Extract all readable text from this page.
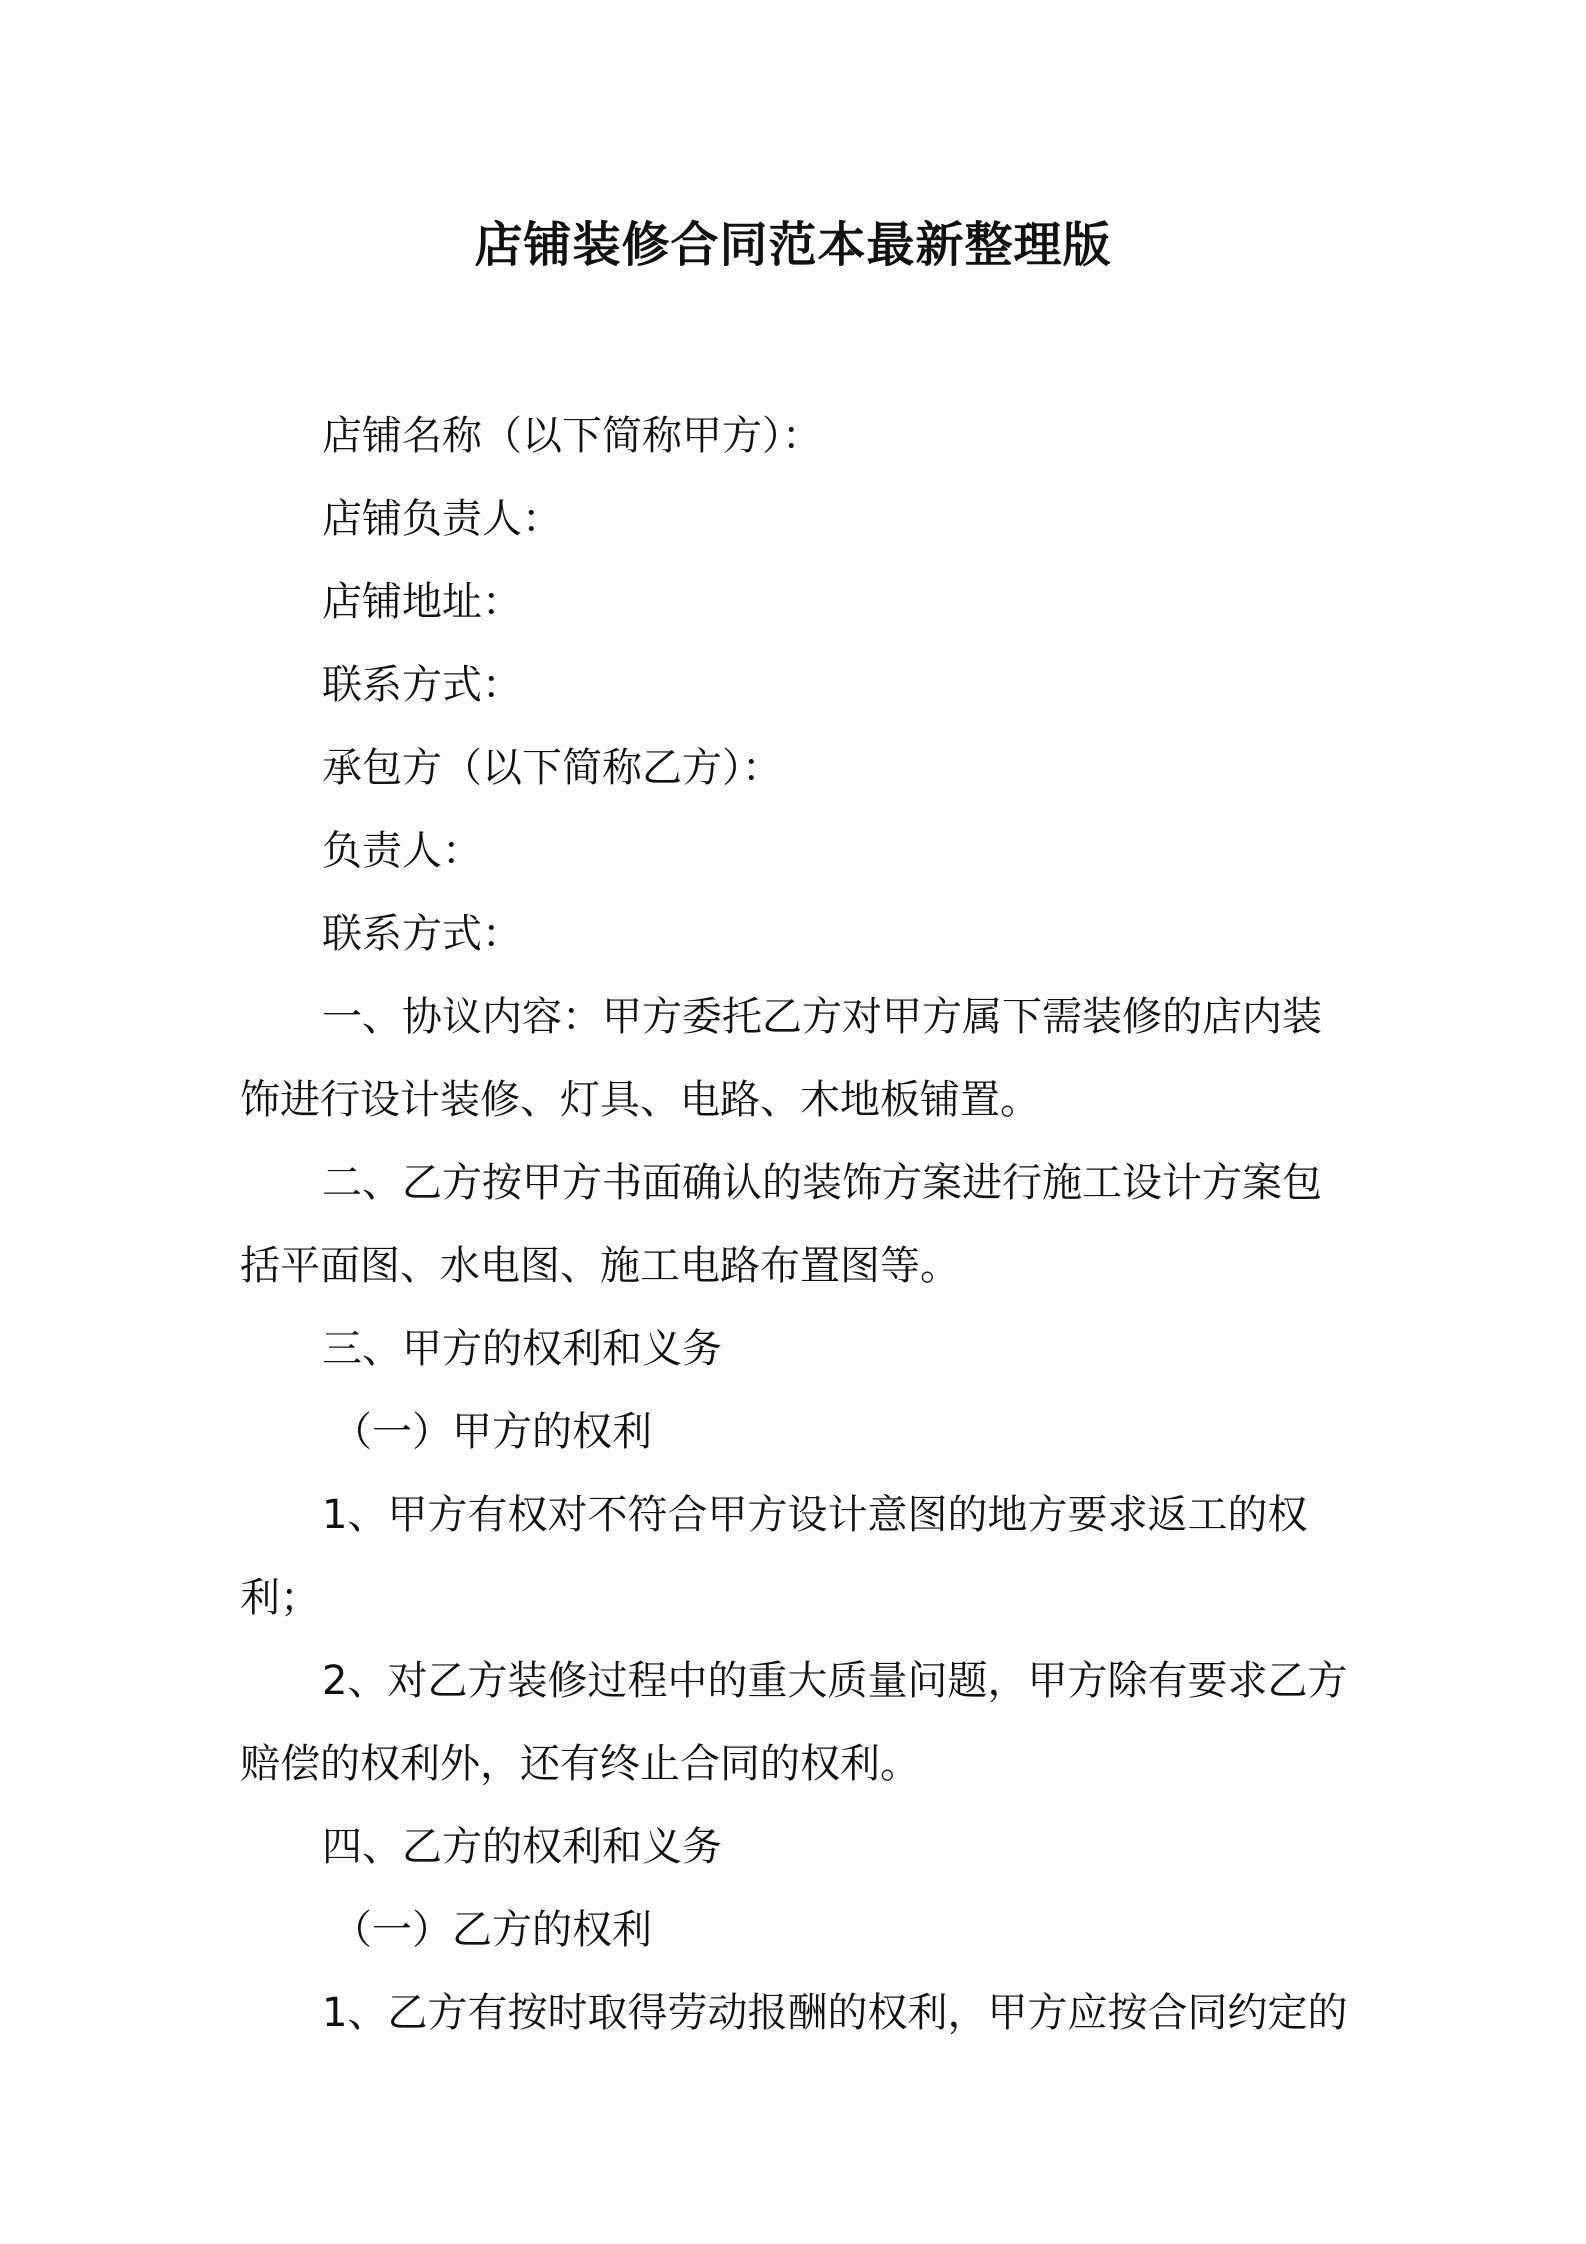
店铺装修合同范本最新整理版

店铺名称（以下简称甲方）：

店铺负责人：

店铺地址：

联系方式：

承包方（以下简称乙方）：

负责人：

联系方式：

一、协议内容：甲方委托乙方对甲方属下需装修的店内装饰进行设计装修、灯具、电路、木地板铺置。

二、乙方按甲方书面确认的装饰方案进行施工设计方案包括平面图、水电图、施工电路布置图等。

三、甲方的权利和义务

（一）甲方的权利

1、甲方有权对不符合甲方设计意图的地方要求返工的权利；

2、对乙方装修过程中的重大质量问题，甲方除有要求乙方赔偿的权利外，还有终止合同的权利。

四、乙方的权利和义务

（一）乙方的权利

1、乙方有按时取得劳动报酬的权利，甲方应按合同约定的
